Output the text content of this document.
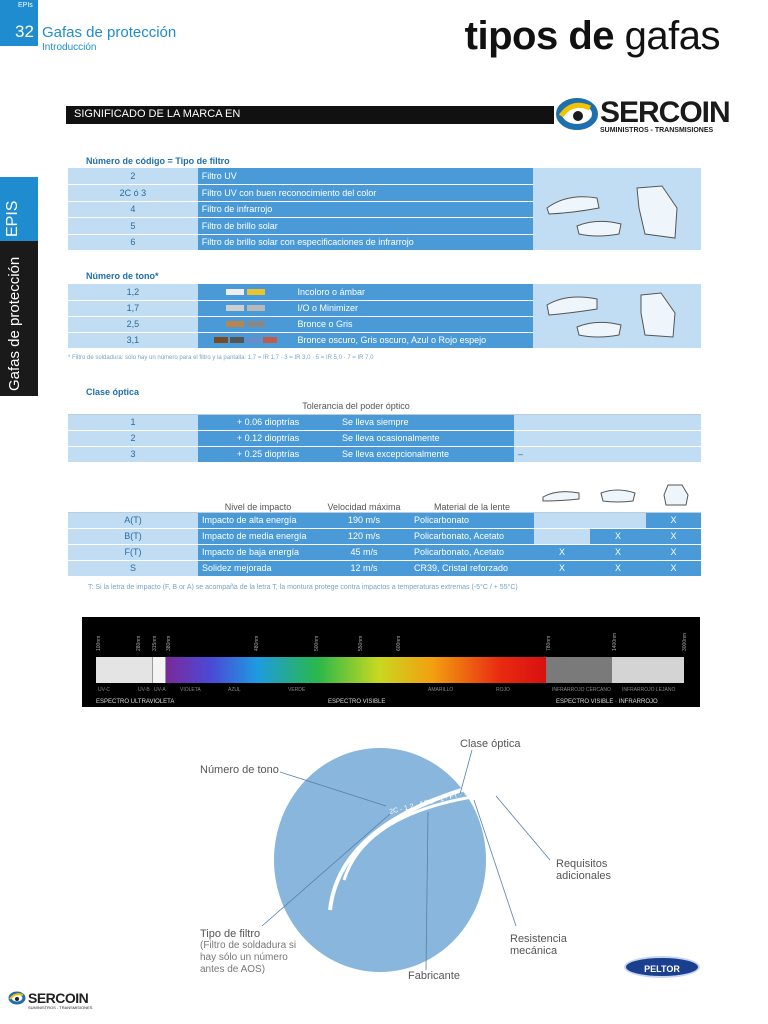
EPIs
32 Gafas de protección
Introducción	tipos de gafas
EPIS
Gafas de protección
SIGNIFICADO DE LA MARCA EN	SERCOIN
SUMINISTROS - TRANSMISIONES
Número de código = Tipo de filtro
2	Filtro UV	
2C ó 3	Filtro UV con buen reconocimiento del color	
4	Filtro de infrarrojo	
5	Filtro de brillo solar	
6	Filtro de brillo solar con especificaciones de infrarrojo	
Número de tono*
1,2		Incoloro o ámbar	
1,7		I/O o Minimizer	
2,5		Bronce o Gris	
3,1		Bronce oscuro, Gris oscuro, Azul o Rojo espejo	
* Filtro de soldadura: sólo hay un número para el filtro y la pantalla: 1,7 = IR 1,7 · 3 = IR 3,0 · 5 = IR 5,0 · 7 = IR 7,0
Clase óptica
	Tolerancia del poder óptico		
1	+ 0.06 dioptrías	Se lleva siempre	
2	+ 0.12 dioptrías	Se lleva ocasionalmente	
3	+ 0.25 dioptrías	Se lleva excepcionalmente	–
	Nivel de impacto	Velocidad máxima	Material de la lente			
A(T)	Impacto de alta energía	190 m/s	Policarbonato			X
B(T)	Impacto de media energía	120 m/s	Policarbonato, Acetato		X	X
F(T)	Impacto de baja energía	45 m/s	Policarbonato, Acetato	X	X	X
S	Solidez mejorada	12 m/s	CR39, Cristal reforzado	X	X	X
T: Si la letra de impacto (F, B or A) se acompaña de la letra T, la montura protege contra impactos a temperaturas extremas (-5°C / + 55°C)
100nm	280nm 315nm 380nm	480nm	500nm	550nm	600nm	780nm	1400nm	3000nm
UV-C	UV-B UV-A	VIOLETA	AZUL	VERDE	AMARILLO	ROJO	INFRARROJO CERCANO INFRARROJO LEJANO
ESPECTRO ULTRAVIOLETA	ESPECTRO VISIBLE	ESPECTRO VISIBLE · INFRARROJO
2C - 1,2 · AOS · 1 · FT · 9
Clase óptica
Número de tono
Requisitos adicionales
Tipo de filtro
(Filtro de soldadura si hay sólo un número antes de AOS)
Resistencia mecánica
Fabricante
PELTOR
SERCOIN
SUMINISTROS - TRANSMISIONES
